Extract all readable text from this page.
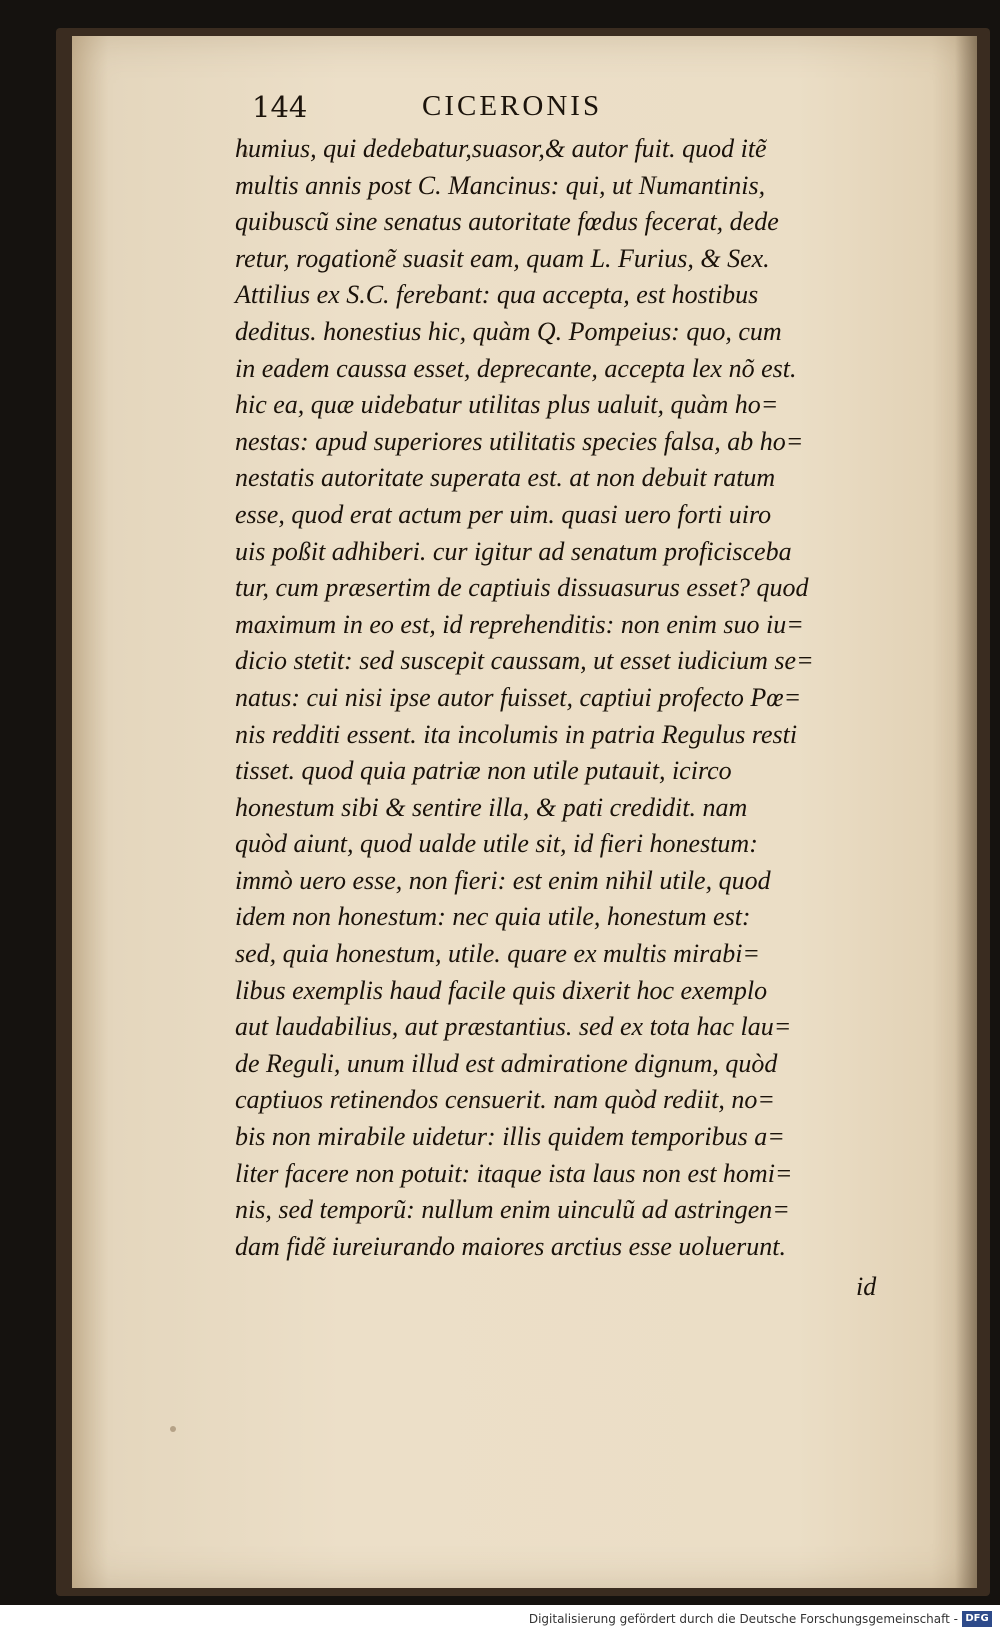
144	CICERONIS
humius, qui dedebatur,suasor,& autor fuit. quod itẽ
multis annis post C. Mancinus: qui, ut Numantinis,
quibuscũ sine senatus autoritate fœdus fecerat, dede
retur, rogationẽ suasit eam, quam L. Furius, & Sex.
Attilius ex S.C. ferebant: qua accepta, est hostibus
deditus. honestius hic, quàm Q. Pompeius: quo, cum
in eadem caussa esset, deprecante, accepta lex nõ est.
hic ea, quæ uidebatur utilitas plus ualuit, quàm ho=
nestas: apud superiores utilitatis species falsa, ab ho=
nestatis autoritate superata est. at non debuit ratum
esse, quod erat actum per uim. quasi uero forti uiro
uis poßit adhiberi. cur igitur ad senatum proficisceba
tur, cum præsertim de captiuis dissuasurus esset? quod
maximum in eo est, id reprehenditis: non enim suo iu=
dicio stetit: sed suscepit caussam, ut esset iudicium se=
natus: cui nisi ipse autor fuisset, captiui profecto Pœ=
nis redditi essent. ita incolumis in patria Regulus resti
tisset. quod quia patriæ non utile putauit, icirco
honestum sibi & sentire illa, & pati credidit. nam
quòd aiunt, quod ualde utile sit, id fieri honestum:
immò uero esse, non fieri: est enim nihil utile, quod
idem non honestum: nec quia utile, honestum est:
sed, quia honestum, utile. quare ex multis mirabi=
libus exemplis haud facile quis dixerit hoc exemplo
aut laudabilius, aut præstantius. sed ex tota hac lau=
de Reguli, unum illud est admiratione dignum, quòd
captiuos retinendos censuerit. nam quòd rediit, no=
bis non mirabile uidetur: illis quidem temporibus a=
liter facere non potuit: itaque ista laus non est homi=
nis, sed temporũ: nullum enim uinculũ ad astringen=
dam fidẽ iureiurando maiores arctius esse uoluerunt.
id
Digitalisierung gefördert durch die Deutsche Forschungsgemeinschaft - DFG
